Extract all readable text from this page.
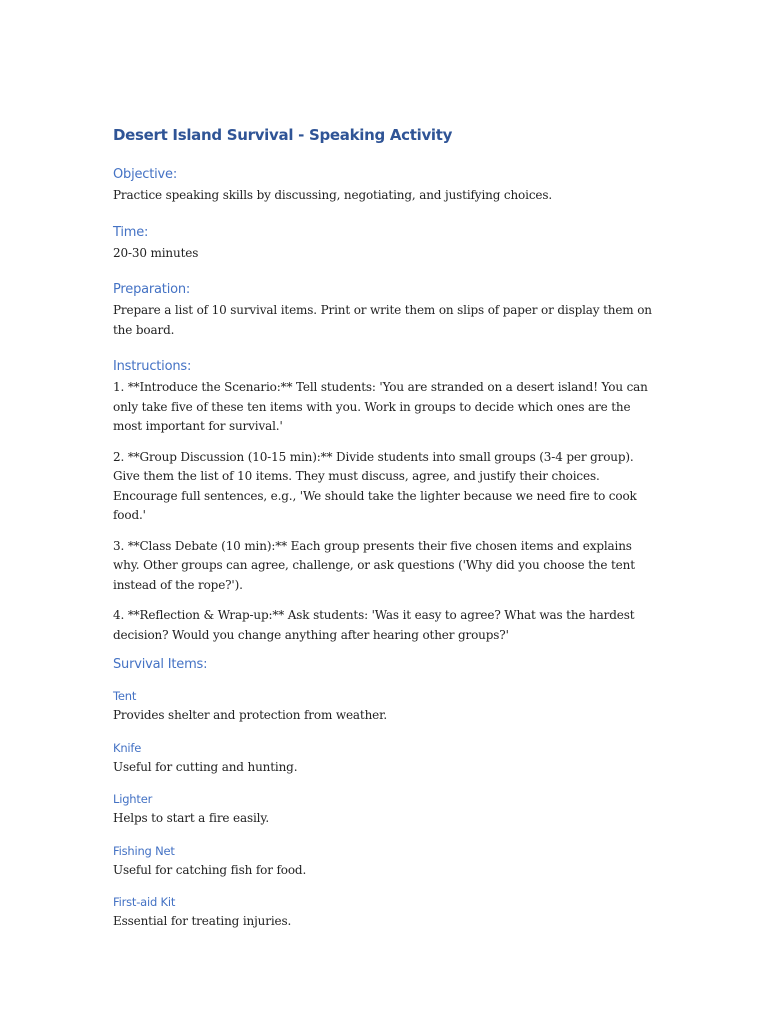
Desert Island Survival - Speaking Activity
Objective:

Practice speaking skills by discussing, negotiating, and justifying choices.

Time:

20-30 minutes

Preparation:

Prepare a list of 10 survival items. Print or write them on slips of paper or display them on the board.

Instructions:

1. **Introduce the Scenario:** Tell students: 'You are stranded on a desert island! You can only take five of these ten items with you. Work in groups to decide which ones are the most important for survival.'

2. **Group Discussion (10-15 min):** Divide students into small groups (3-4 per group). Give them the list of 10 items. They must discuss, agree, and justify their choices. Encourage full sentences, e.g., 'We should take the lighter because we need fire to cook food.'

3. **Class Debate (10 min):** Each group presents their five chosen items and explains why. Other groups can agree, challenge, or ask questions ('Why did you choose the tent instead of the rope?').

4. **Reflection & Wrap-up:** Ask students: 'Was it easy to agree? What was the hardest decision? Would you change anything after hearing other groups?'

Survival Items:
Tent

Provides shelter and protection from weather.

Knife

Useful for cutting and hunting.

Lighter

Helps to start a fire easily.

Fishing Net

Useful for catching fish for food.

First-aid Kit

Essential for treating injuries.
